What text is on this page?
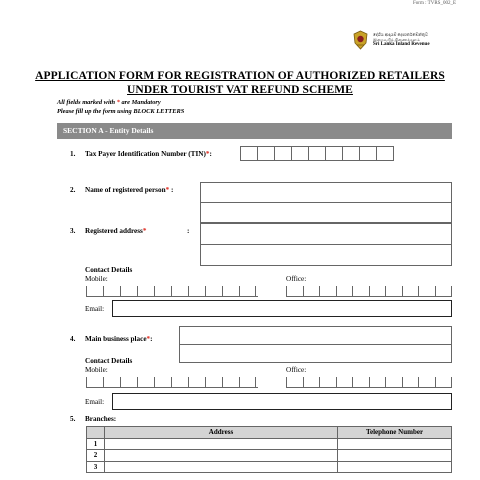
Form : TVRS_002_E
දේශීය ආදායම් දෙපාර්තමේන්තුව
இறைவரித் திணைக்களம்
Sri Lanka Inland Revenue
APPLICATION FORM FOR REGISTRATION OF AUTHORIZED RETAILERS
UNDER TOURIST VAT REFUND SCHEME
All fields marked with * are Mandatory
Please fill up the form using BLOCK LETTERS
SECTION A - Entity Details
1. Tax Payer Identification Number (TIN)*:
2. Name of registered person* :
3. Registered address*	:
Contact Details
Mobile:	Office:
Email:
4. Main business place*:
Contact Details
Mobile:	Office:
Email:
5. Branches:
	Address	Telephone Number
1		
2		
3		
